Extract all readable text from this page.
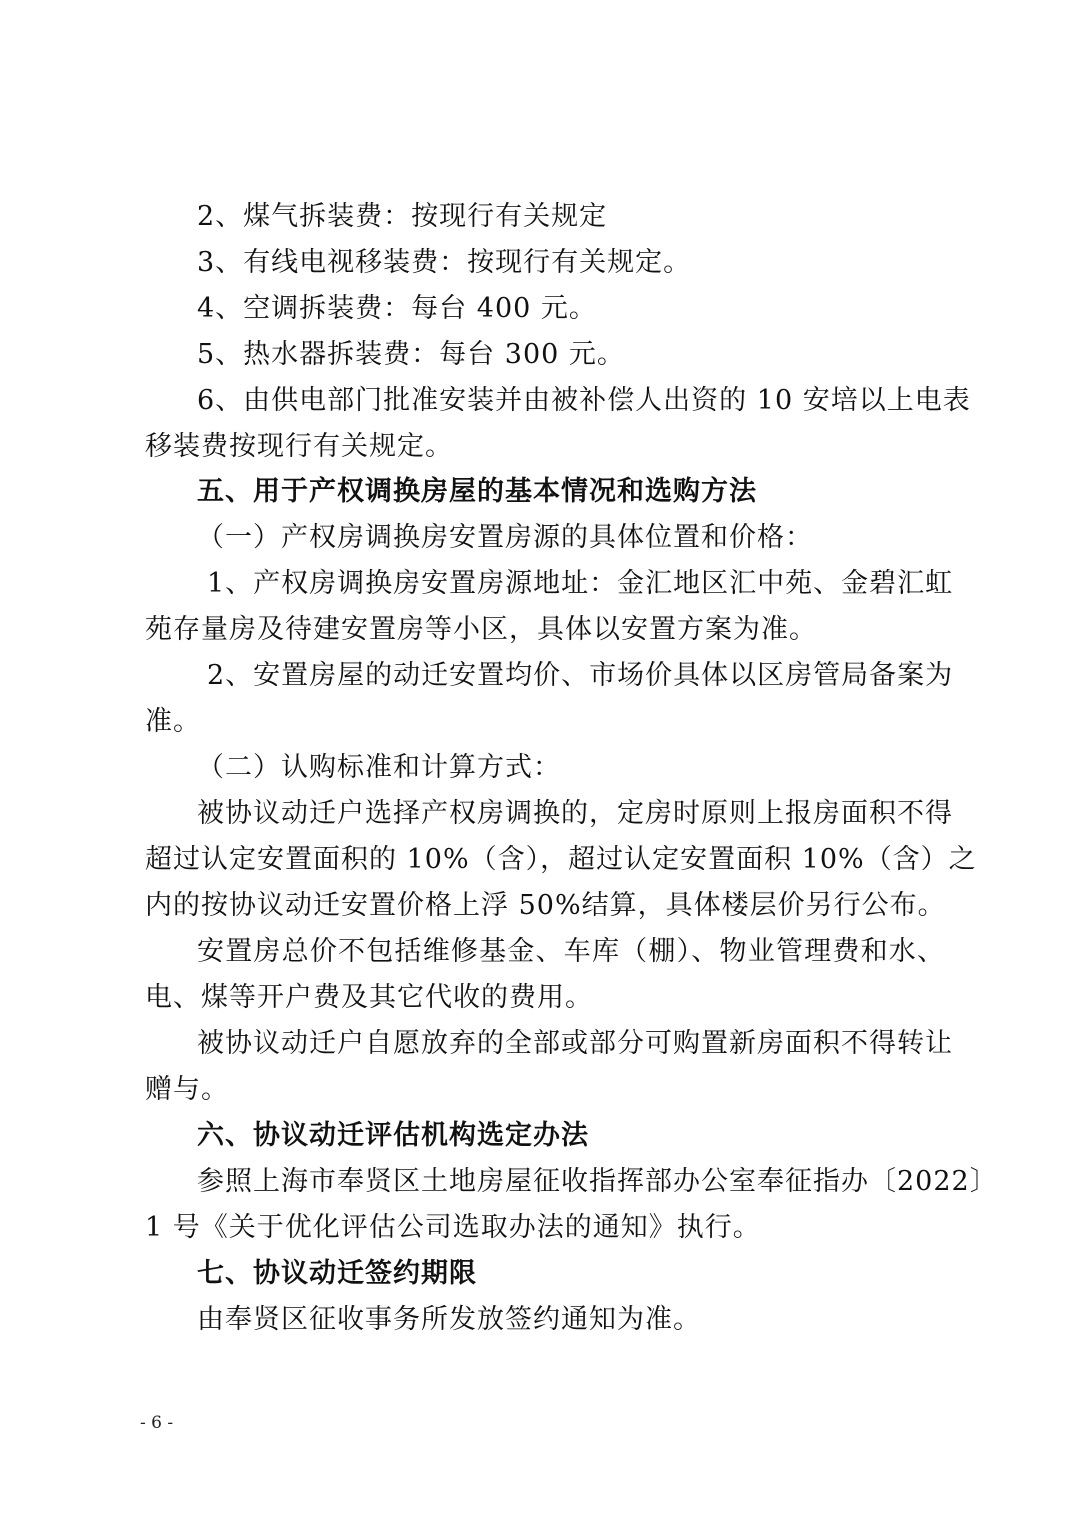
2、煤气拆装费：按现行有关规定
3、有线电视移装费：按现行有关规定。
4、空调拆装费：每台 400 元。
5、热水器拆装费：每台 300 元。
6、由供电部门批准安装并由被补偿人出资的 10 安培以上电表
移装费按现行有关规定。
五、用于产权调换房屋的基本情况和选购方法
（一）产权房调换房安置房源的具体位置和价格：
1、产权房调换房安置房源地址：金汇地区汇中苑、金碧汇虹
苑存量房及待建安置房等小区，具体以安置方案为准。
2、安置房屋的动迁安置均价、市场价具体以区房管局备案为
准。
（二）认购标准和计算方式：
被协议动迁户选择产权房调换的，定房时原则上报房面积不得
超过认定安置面积的 10%（含），超过认定安置面积 10%（含）之
内的按协议动迁安置价格上浮 50%结算，具体楼层价另行公布。
安置房总价不包括维修基金、车库（棚）、物业管理费和水、
电、煤等开户费及其它代收的费用。
被协议动迁户自愿放弃的全部或部分可购置新房面积不得转让
赠与。
六、协议动迁评估机构选定办法
参照上海市奉贤区土地房屋征收指挥部办公室奉征指办〔2022〕
1 号《关于优化评估公司选取办法的通知》执行。
七、协议动迁签约期限
由奉贤区征收事务所发放签约通知为准。
- 6 -
